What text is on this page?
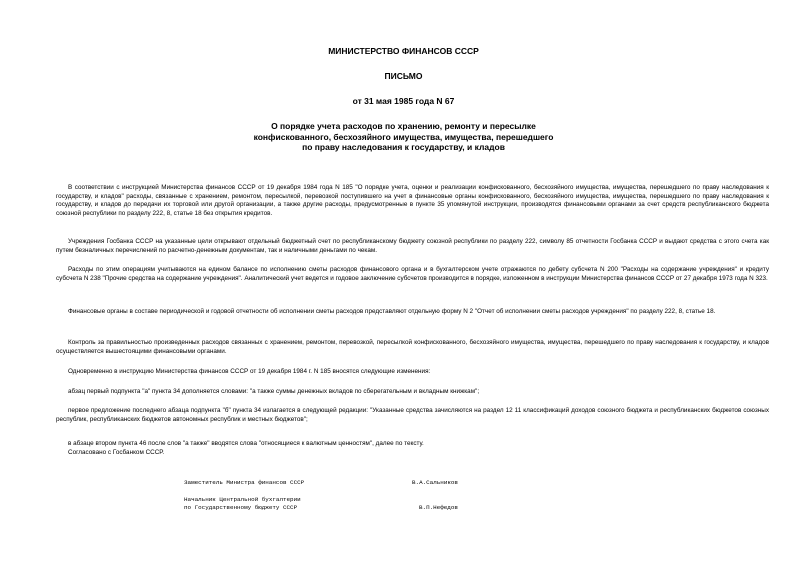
МИНИСТЕРСТВО ФИНАНСОВ СССР
ПИСЬМО
от 31 мая 1985 года N 67
О порядке учета расходов по хранению, ремонту и пересылке конфискованного, бесхозяйного имущества, имущества, перешедшего по праву наследования к государству, и кладов
В соответствии с инструкцией Министерства финансов СССР от 19 декабря 1984 года N 185 "О порядке учета, оценки и реализации конфискованного, бесхозяйного имущества, имущества, перешедшего по праву наследования к государству, и кладов" расходы, связанные с хранением, ремонтом, пересылкой, перевозкой поступившего на учет в финансовые органы конфискованного, бесхозяйного имущества, имущества, перешедшего по праву наследования к государству, и кладов до передачи их торговой или другой организации, а также другие расходы, предусмотренные в пункте 35 упомянутой инструкции, производятся финансовыми органами за счет средств республиканского бюджета союзной республики по разделу 222, 8, статье 18 без открытия кредитов.
Учреждения Госбанка СССР на указанные цели открывают отдельный бюджетный счет по республиканскому бюджету союзной республики по разделу 222, символу 85 отчетности Госбанка СССР и выдают средства с этого счета как путем безналичных перечислений по расчетно-денежным документам, так и наличными деньгами по чекам.
Расходы по этим операциям учитываются на едином балансе по исполнению сметы расходов финансового органа и в бухгалтерском учете отражаются по дебету субсчета N 200 "Расходы на содержание учреждения" и кредиту субсчета N 238 "Прочие средства на содержание учреждения". Аналитический учет ведется и годовое заключение субсчетов производится в порядке, изложенном в инструкции Министерства финансов СССР от 27 декабря 1973 года N 323.
Финансовые органы в составе периодической и годовой отчетности об исполнении сметы расходов представляют отдельную форму N 2 "Отчет об исполнении сметы расходов учреждения" по разделу 222, 8, статье 18.
Контроль за правильностью произведенных расходов связанных с хранением, ремонтом, перевозкой, пересылкой конфискованного, бесхозяйного имущества, имущества, перешедшего по праву наследования к государству, и кладов осуществляется вышестоящими финансовыми органами.
Одновременно в инструкцию Министерства финансов СССР от 19 декабря 1984 г. N 185 вносятся следующие изменения:
абзац первый подпункта "а" пункта 34 дополняется словами: "а также суммы денежных вкладов по сберегательным и вкладным книжкам";
первое предложение последнего абзаца подпункта "б" пункта 34 излагается в следующей редакции: "Указанные средства зачисляются на раздел 12 11 классификаций доходов союзного бюджета и республиканских бюджетов союзных республик, республиканских бюджетов автономных республик и местных бюджетов";
в абзаце втором пункта 46 после слов "а также" вводятся слова "относящиеся к валютным ценностям", далее по тексту.
Согласовано с Госбанком СССР.
Заместитель Министра финансов СССР	В.А.Сальников
Начальник Центральной бухгалтерии
по Государственному бюджету СССР	В.П.Нефедов
